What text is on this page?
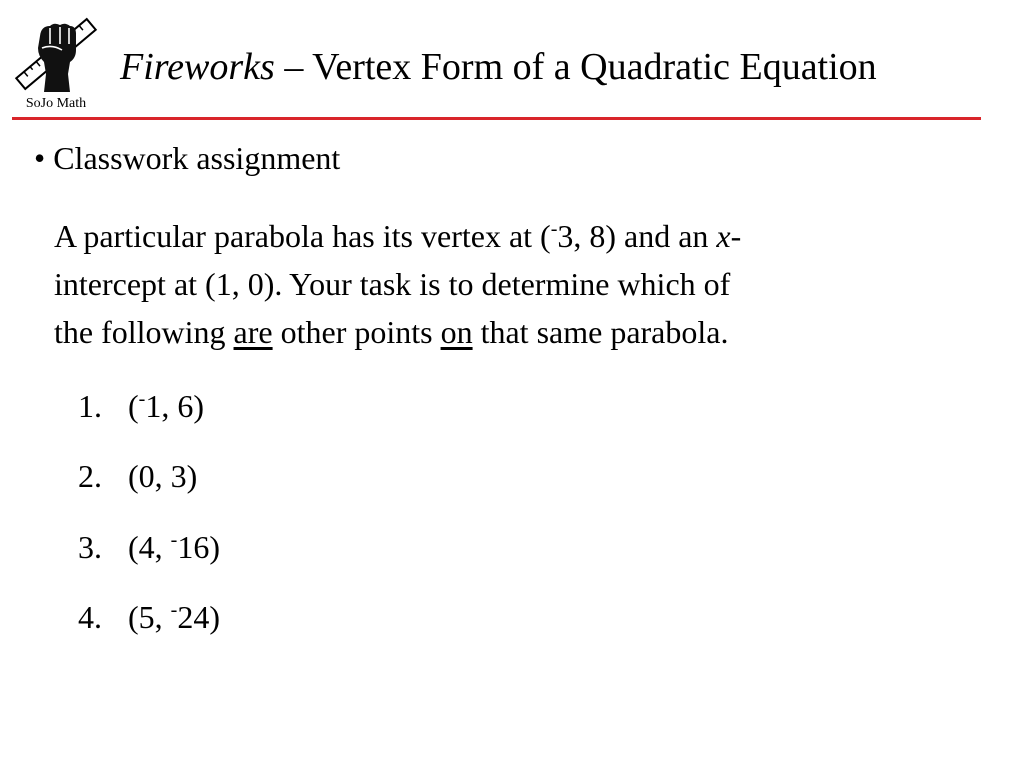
SoJo Math
Fireworks – Vertex Form of a Quadratic Equation
• Classwork assignment
A particular parabola has its vertex at (-3, 8) and an x-
intercept at (1, 0). Your task is to determine which of
the following are other points on that same parabola.
1. (-1, 6)
2. (0, 3)
3. (4, -16)
4. (5, -24)
